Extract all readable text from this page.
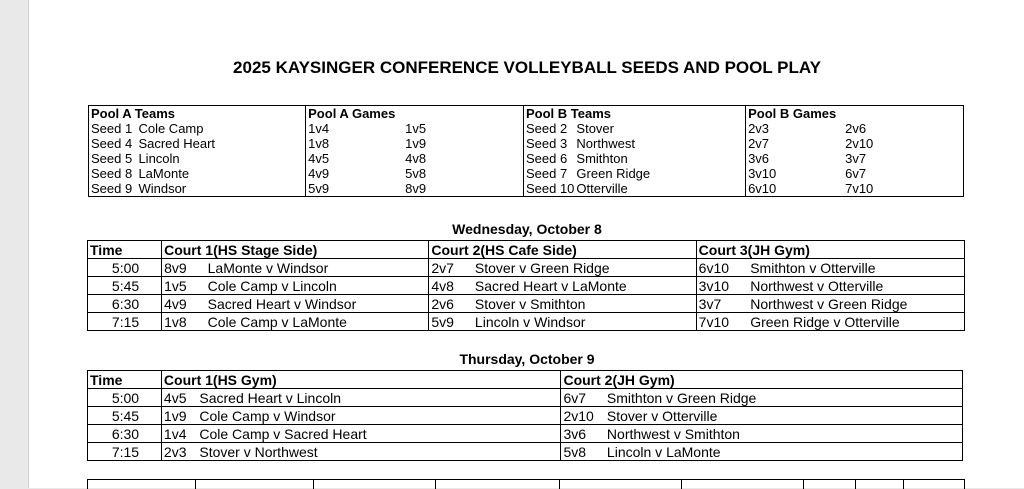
2025 KAYSINGER CONFERENCE VOLLEYBALL SEEDS AND POOL PLAY
Pool A Teams		Pool A Games		Pool B Teams		Pool B Games	
Seed 1	Cole Camp	1v4	1v5	Seed 2	Stover	2v3	2v6
Seed 4	Sacred Heart	1v8	1v9	Seed 3	Northwest	2v7	2v10
Seed 5	Lincoln	4v5	4v8	Seed 6	Smithton	3v6	3v7
Seed 8	LaMonte	4v9	5v8	Seed 7	Green Ridge	3v10	6v7
Seed 9	Windsor	5v9	8v9	Seed 10	Otterville	6v10	7v10
Wednesday, October 8
Time	Court 1(HS Stage Side)		Court 2(HS Cafe Side)		Court 3(JH Gym)	
5:00	8v9	LaMonte v Windsor	2v7	Stover v Green Ridge	6v10	Smithton v Otterville
5:45	1v5	Cole Camp v Lincoln	4v8	Sacred Heart v LaMonte	3v10	Northwest v Otterville
6:30	4v9	Sacred Heart v Windsor	2v6	Stover v Smithton	3v7	Northwest v Green Ridge
7:15	1v8	Cole Camp v LaMonte	5v9	Lincoln v Windsor	7v10	Green Ridge v Otterville
Thursday, October 9
Time	Court 1(HS Gym)		Court 2(JH Gym)	
5:00	4v5	Sacred Heart v Lincoln	6v7	Smithton v Green Ridge
5:45	1v9	Cole Camp v Windsor	2v10	Stover v Otterville
6:30	1v4	Cole Camp v Sacred Heart	3v6	Northwest v Smithton
7:15	2v3	Stover v Northwest	5v8	Lincoln v LaMonte
